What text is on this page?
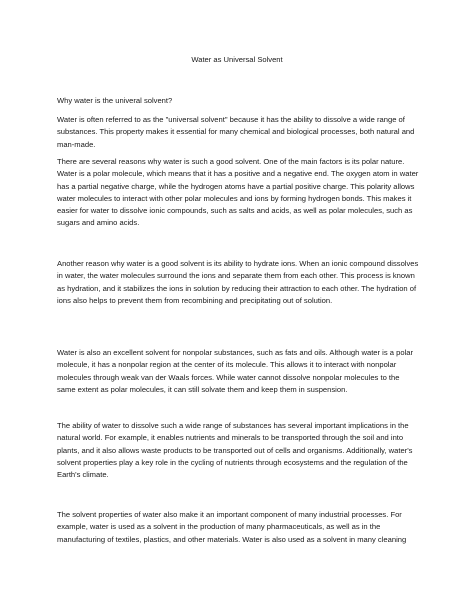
Water as Universal Solvent

Why water is the univeral solvent?

Water is often referred to as the "universal solvent" because it has the ability to dissolve a wide range of substances. This property makes it essential for many chemical and biological processes, both natural and man-made.

There are several reasons why water is such a good solvent. One of the main factors is its polar nature. Water is a polar molecule, which means that it has a positive and a negative end. The oxygen atom in water has a partial negative charge, while the hydrogen atoms have a partial positive charge. This polarity allows water molecules to interact with other polar molecules and ions by forming hydrogen bonds. This makes it easier for water to dissolve ionic compounds, such as salts and acids, as well as polar molecules, such as sugars and amino acids.

Another reason why water is a good solvent is its ability to hydrate ions. When an ionic compound dissolves in water, the water molecules surround the ions and separate them from each other. This process is known as hydration, and it stabilizes the ions in solution by reducing their attraction to each other. The hydration of ions also helps to prevent them from recombining and precipitating out of solution.

Water is also an excellent solvent for nonpolar substances, such as fats and oils. Although water is a polar molecule, it has a nonpolar region at the center of its molecule. This allows it to interact with nonpolar molecules through weak van der Waals forces. While water cannot dissolve nonpolar molecules to the same extent as polar molecules, it can still solvate them and keep them in suspension.

The ability of water to dissolve such a wide range of substances has several important implications in the natural world. For example, it enables nutrients and minerals to be transported through the soil and into plants, and it also allows waste products to be transported out of cells and organisms. Additionally, water's solvent properties play a key role in the cycling of nutrients through ecosystems and the regulation of the Earth's climate.

The solvent properties of water also make it an important component of many industrial processes. For example, water is used as a solvent in the production of many pharmaceuticals, as well as in the manufacturing of textiles, plastics, and other materials. Water is also used as a solvent in many cleaning
